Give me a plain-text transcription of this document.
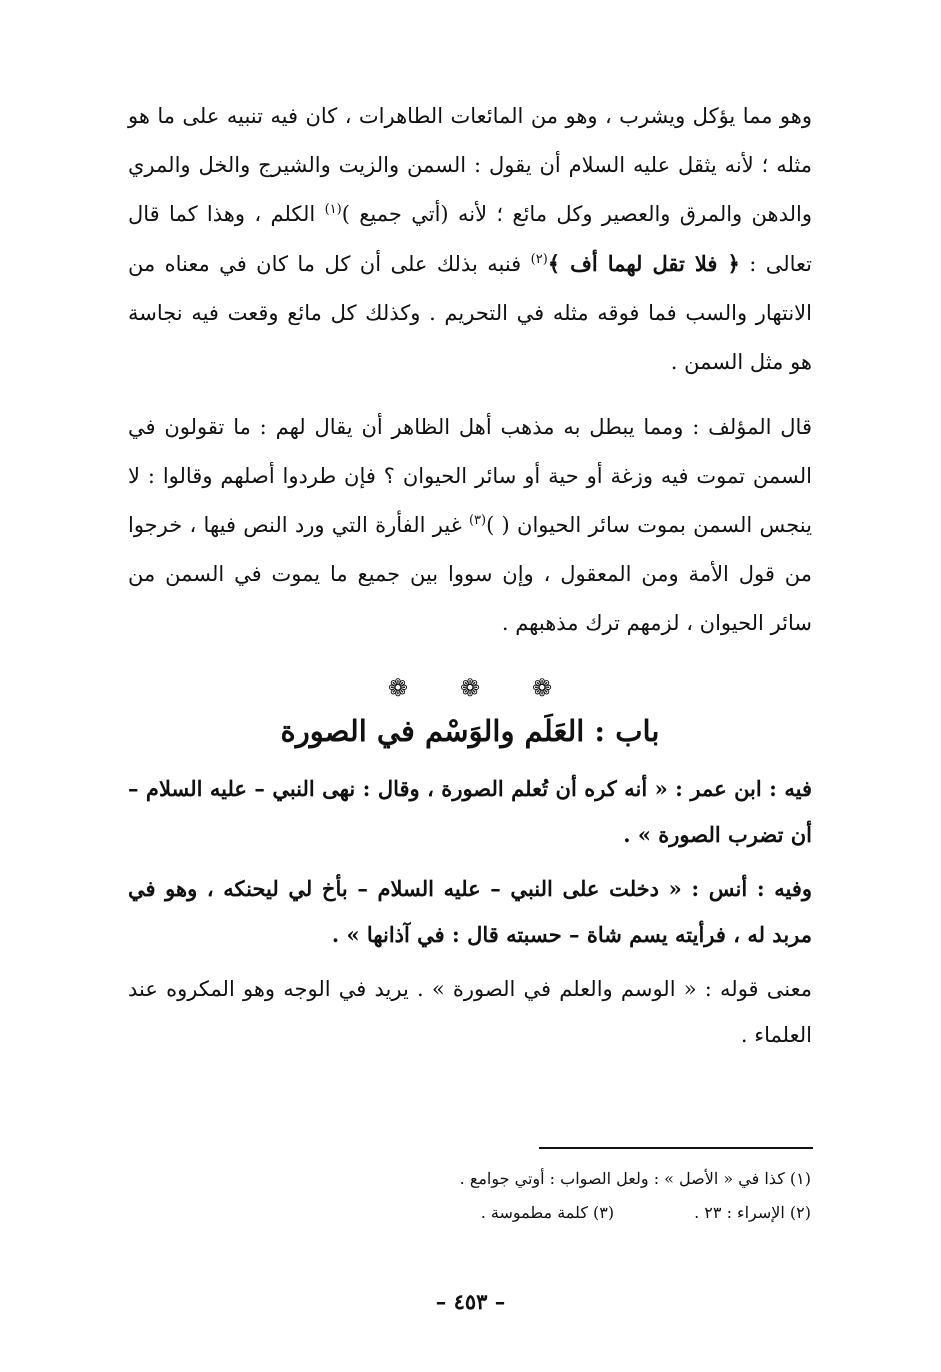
وهو مما يؤكل ويشرب ، وهو من المائعات الطاهرات ، كان فيه تنبيه على ما هو مثله ؛ لأنه يثقل عليه السلام أن يقول : السمن والزيت والشيرج والخل والمري والدهن والمرق والعصير وكل مائع ؛ لأنه (أتي جميع )$^{(١)}$ الكلم ، وهذا كما قال تعالى : ﴿ فلا تقل لهما أف ﴾$^{(٢)}$ فنبه بذلك على أن كل ما كان في معناه من الانتهار والسب فما فوقه مثله في التحريم . وكذلك كل مائع وقعت فيه نجاسة هو مثل السمن .

قال المؤلف : ومما يبطل به مذهب أهل الظاهر أن يقال لهم : ما تقولون في السمن تموت فيه وزغة أو حية أو سائر الحيوان ؟ فإن طردوا أصلهم وقالوا : لا ينجس السمن بموت سائر الحيوان ( )$^{(٣)}$ غير الفأرة التي ورد النص فيها ، خرجوا من قول الأمة ومن المعقول ، وإن سووا بين جميع ما يموت في السمن من سائر الحيوان ، لزمهم ترك مذهبهم .

❁❁❁
باب : العَلَم والوَسْم في الصورة

فيه : ابن عمر : « أنه كره أن تُعلم الصورة ، وقال : نهى النبي – عليه السلام – أن تضرب الصورة » .

وفيه : أنس : « دخلت على النبي – عليه السلام – بأخ لي ليحنكه ، وهو في مربد له ، فرأيته يسم شاة – حسبته قال : في آذانها » .

معنى قوله : « الوسم والعلم في الصورة » . يريد في الوجه وهو المكروه عند العلماء .

(١) كذا في « الأصل » : ولعل الصواب : أوتي جوامع .
(٢) الإسراء : ٢٣ .(٣) كلمة مطموسة .
– ٤٥٣ –
